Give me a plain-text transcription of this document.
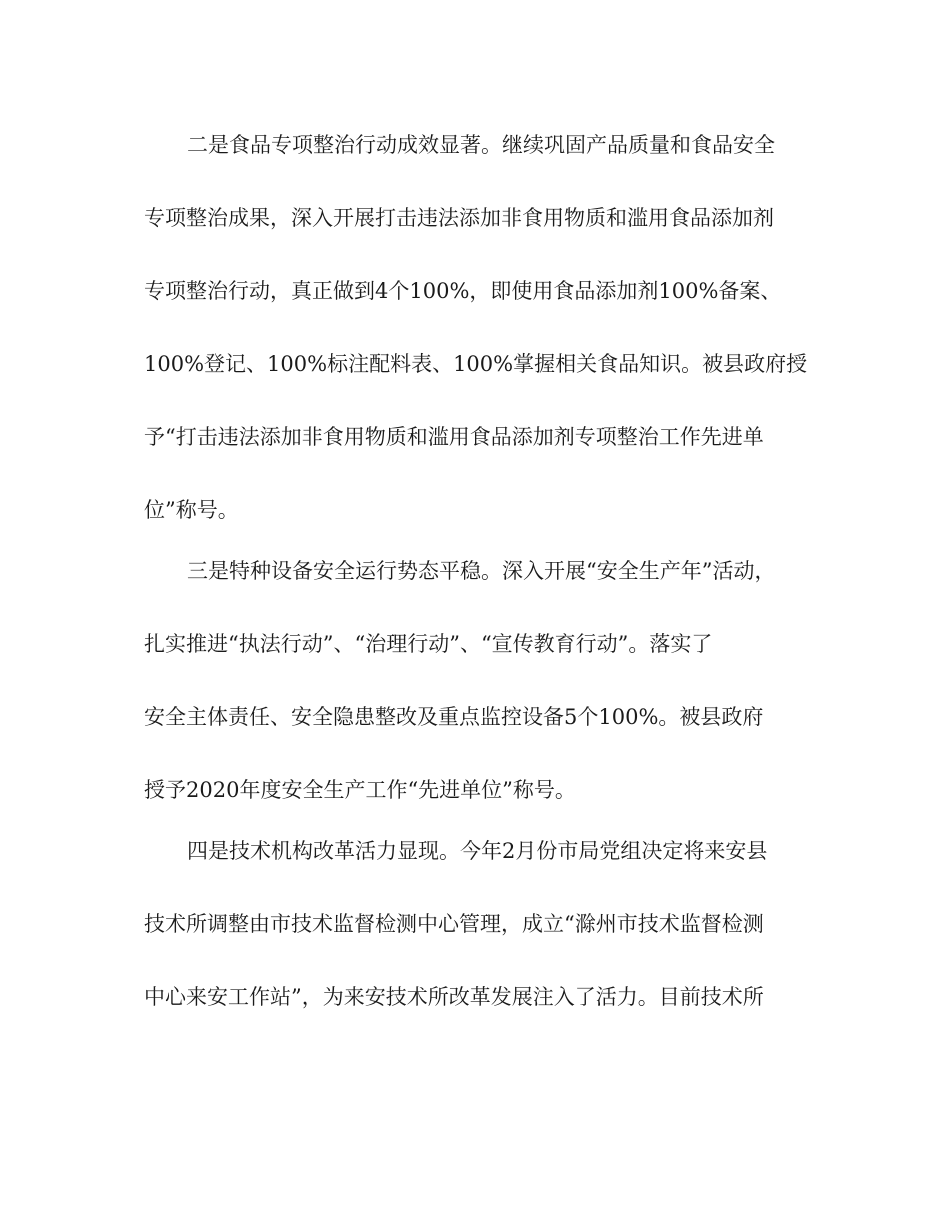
二是食品专项整治行动成效显著。继续巩固产品质量和食品安全
专项整治成果，深入开展打击违法添加非食用物质和滥用食品添加剂
专项整治行动，真正做到4个100%，即使用食品添加剂100%备案、
100%登记、100%标注配料表、100%掌握相关食品知识。被县政府授
予“打击违法添加非食用物质和滥用食品添加剂专项整治工作先进单
位”称号。
三是特种设备安全运行势态平稳。深入开展“安全生产年”活动，
扎实推进“执法行动”、“治理行动”、“宣传教育行动”。落实了
安全主体责任、安全隐患整改及重点监控设备5个100%。被县政府
授予2020年度安全生产工作“先进单位”称号。
四是技术机构改革活力显现。今年2月份市局党组决定将来安县
技术所调整由市技术监督检测中心管理，成立“滁州市技术监督检测
中心来安工作站”，为来安技术所改革发展注入了活力。目前技术所
